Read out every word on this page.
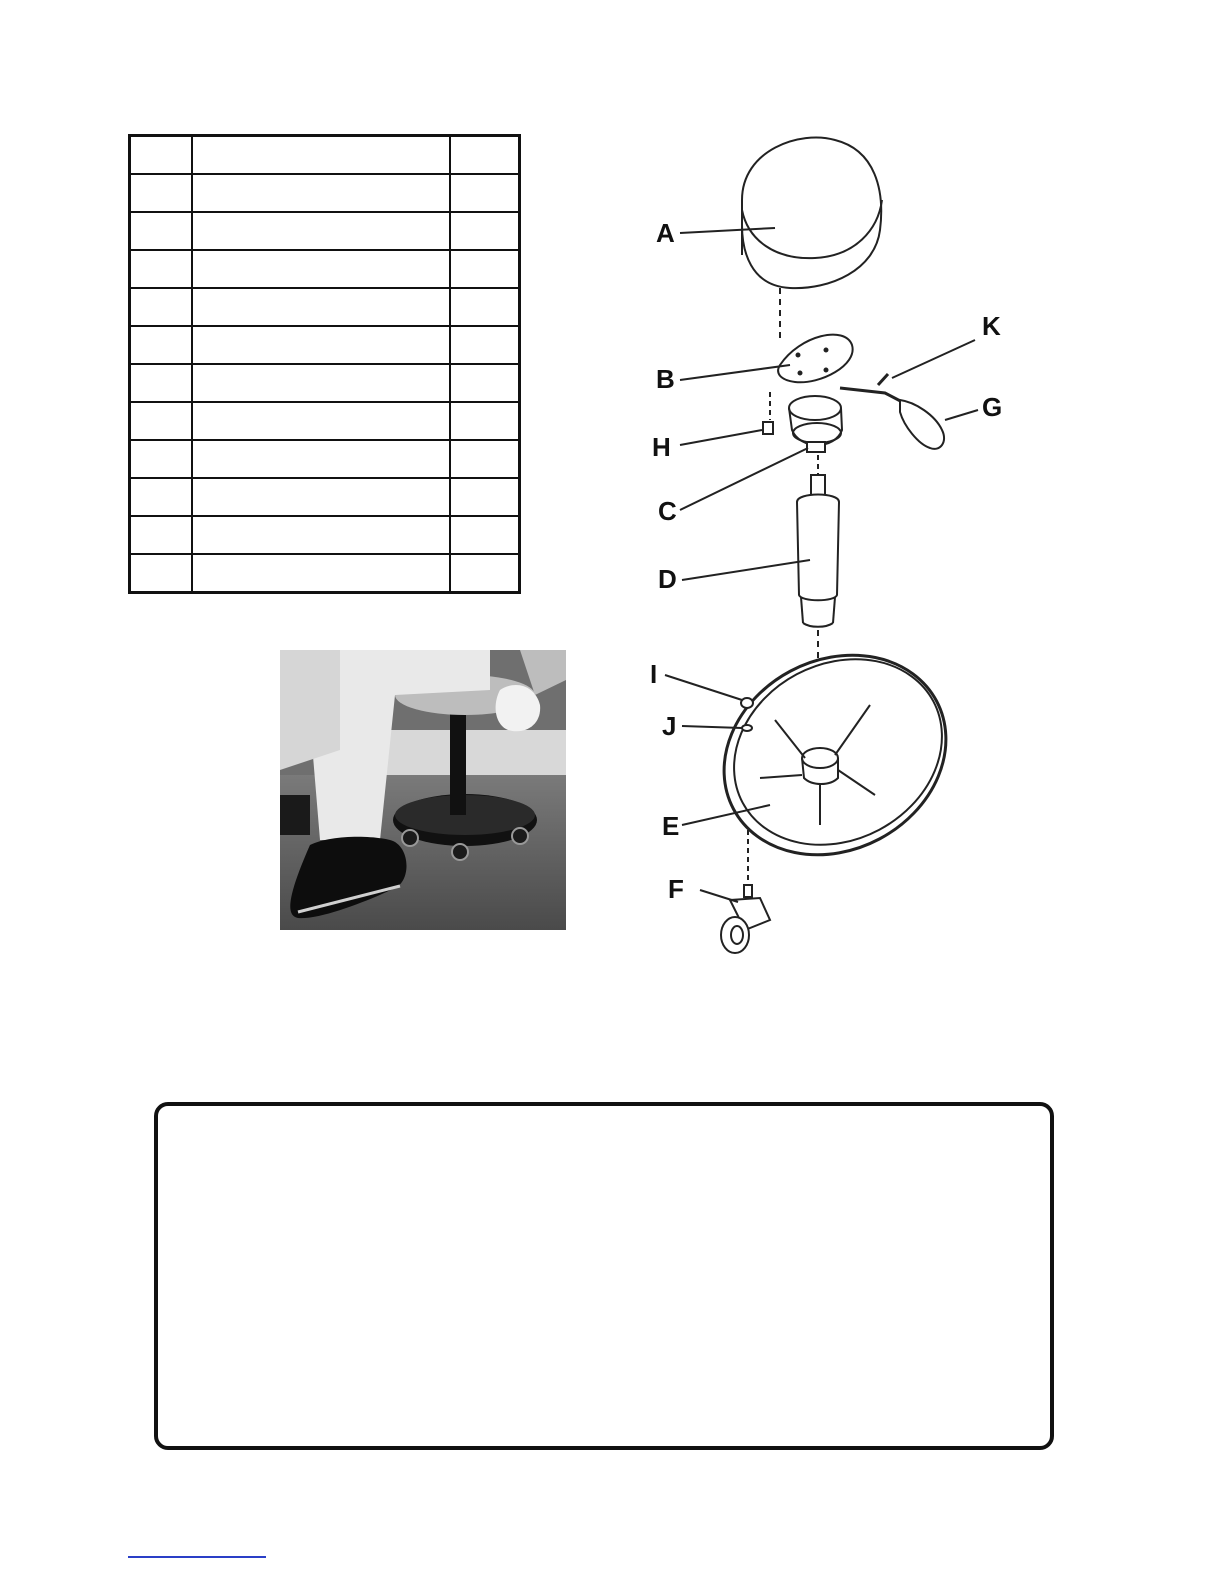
A
B
H
C
D
I
J
E
F
G
K
